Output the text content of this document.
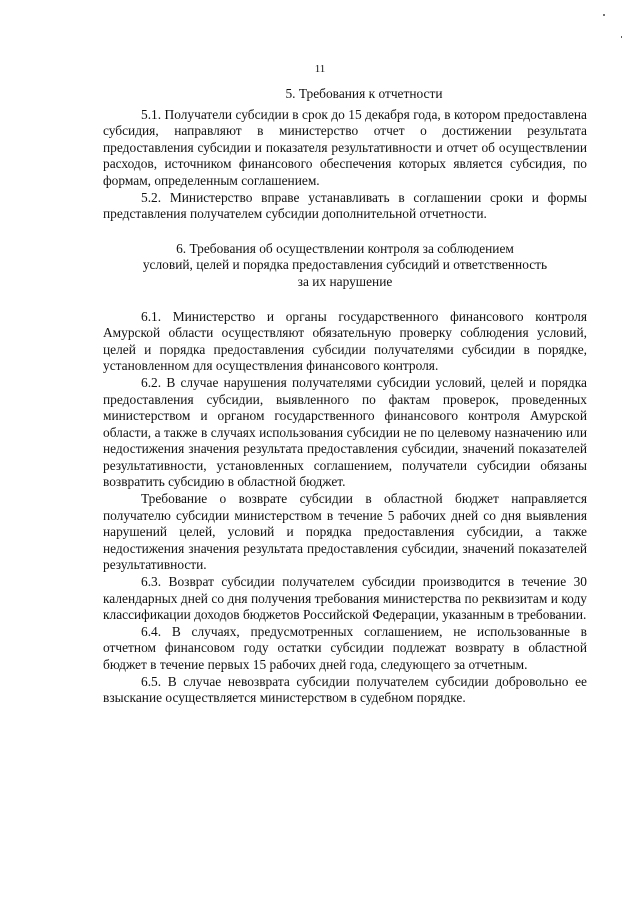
11
5. Требования к отчетности

5.1. Получатели субсидии в срок до 15 декабря года, в котором предоставлена субсидия, направляют в министерство отчет о достижении результата предоставления субсидии и показателя результативности и отчет об осуществлении расходов, источником финансового обеспечения которых является субсидия, по формам, определенным соглашением.

5.2. Министерство вправе устанавливать в соглашении сроки и формы представления получателем субсидии дополнительной отчетности.

6. Требования об осуществлении контроля за соблюдением
условий, целей и порядка предоставления субсидий и ответственность
за их нарушение

6.1. Министерство и органы государственного финансового контроля Амурской области осуществляют обязательную проверку соблюдения условий, целей и порядка предоставления субсидии получателями субсидии в порядке, установленном для осуществления финансового контроля.

6.2. В случае нарушения получателями субсидии условий, целей и порядка предоставления субсидии, выявленного по фактам проверок, проведенных министерством и органом государственного финансового контроля Амурской области, а также в случаях использования субсидии не по целевому назначению или недостижения значения результата предоставления субсидии, значений показателей результативности, установленных соглашением, получатели субсидии обязаны возвратить субсидию в областной бюджет.

Требование о возврате субсидии в областной бюджет направляется получателю субсидии министерством в течение 5 рабочих дней со дня выявления нарушений целей, условий и порядка предоставления субсидии, а также недостижения значения результата предоставления субсидии, значений показателей результативности.

6.3. Возврат субсидии получателем субсидии производится в течение 30 календарных дней со дня получения требования министерства по реквизитам и коду классификации доходов бюджетов Российской Федерации, указанным в требовании.

6.4. В случаях, предусмотренных соглашением, не использованные в отчетном финансовом году остатки субсидии подлежат возврату в областной бюджет в течение первых 15 рабочих дней года, следующего за отчетным.

6.5. В случае невозврата субсидии получателем субсидии добровольно ее взыскание осуществляется министерством в судебном порядке.
